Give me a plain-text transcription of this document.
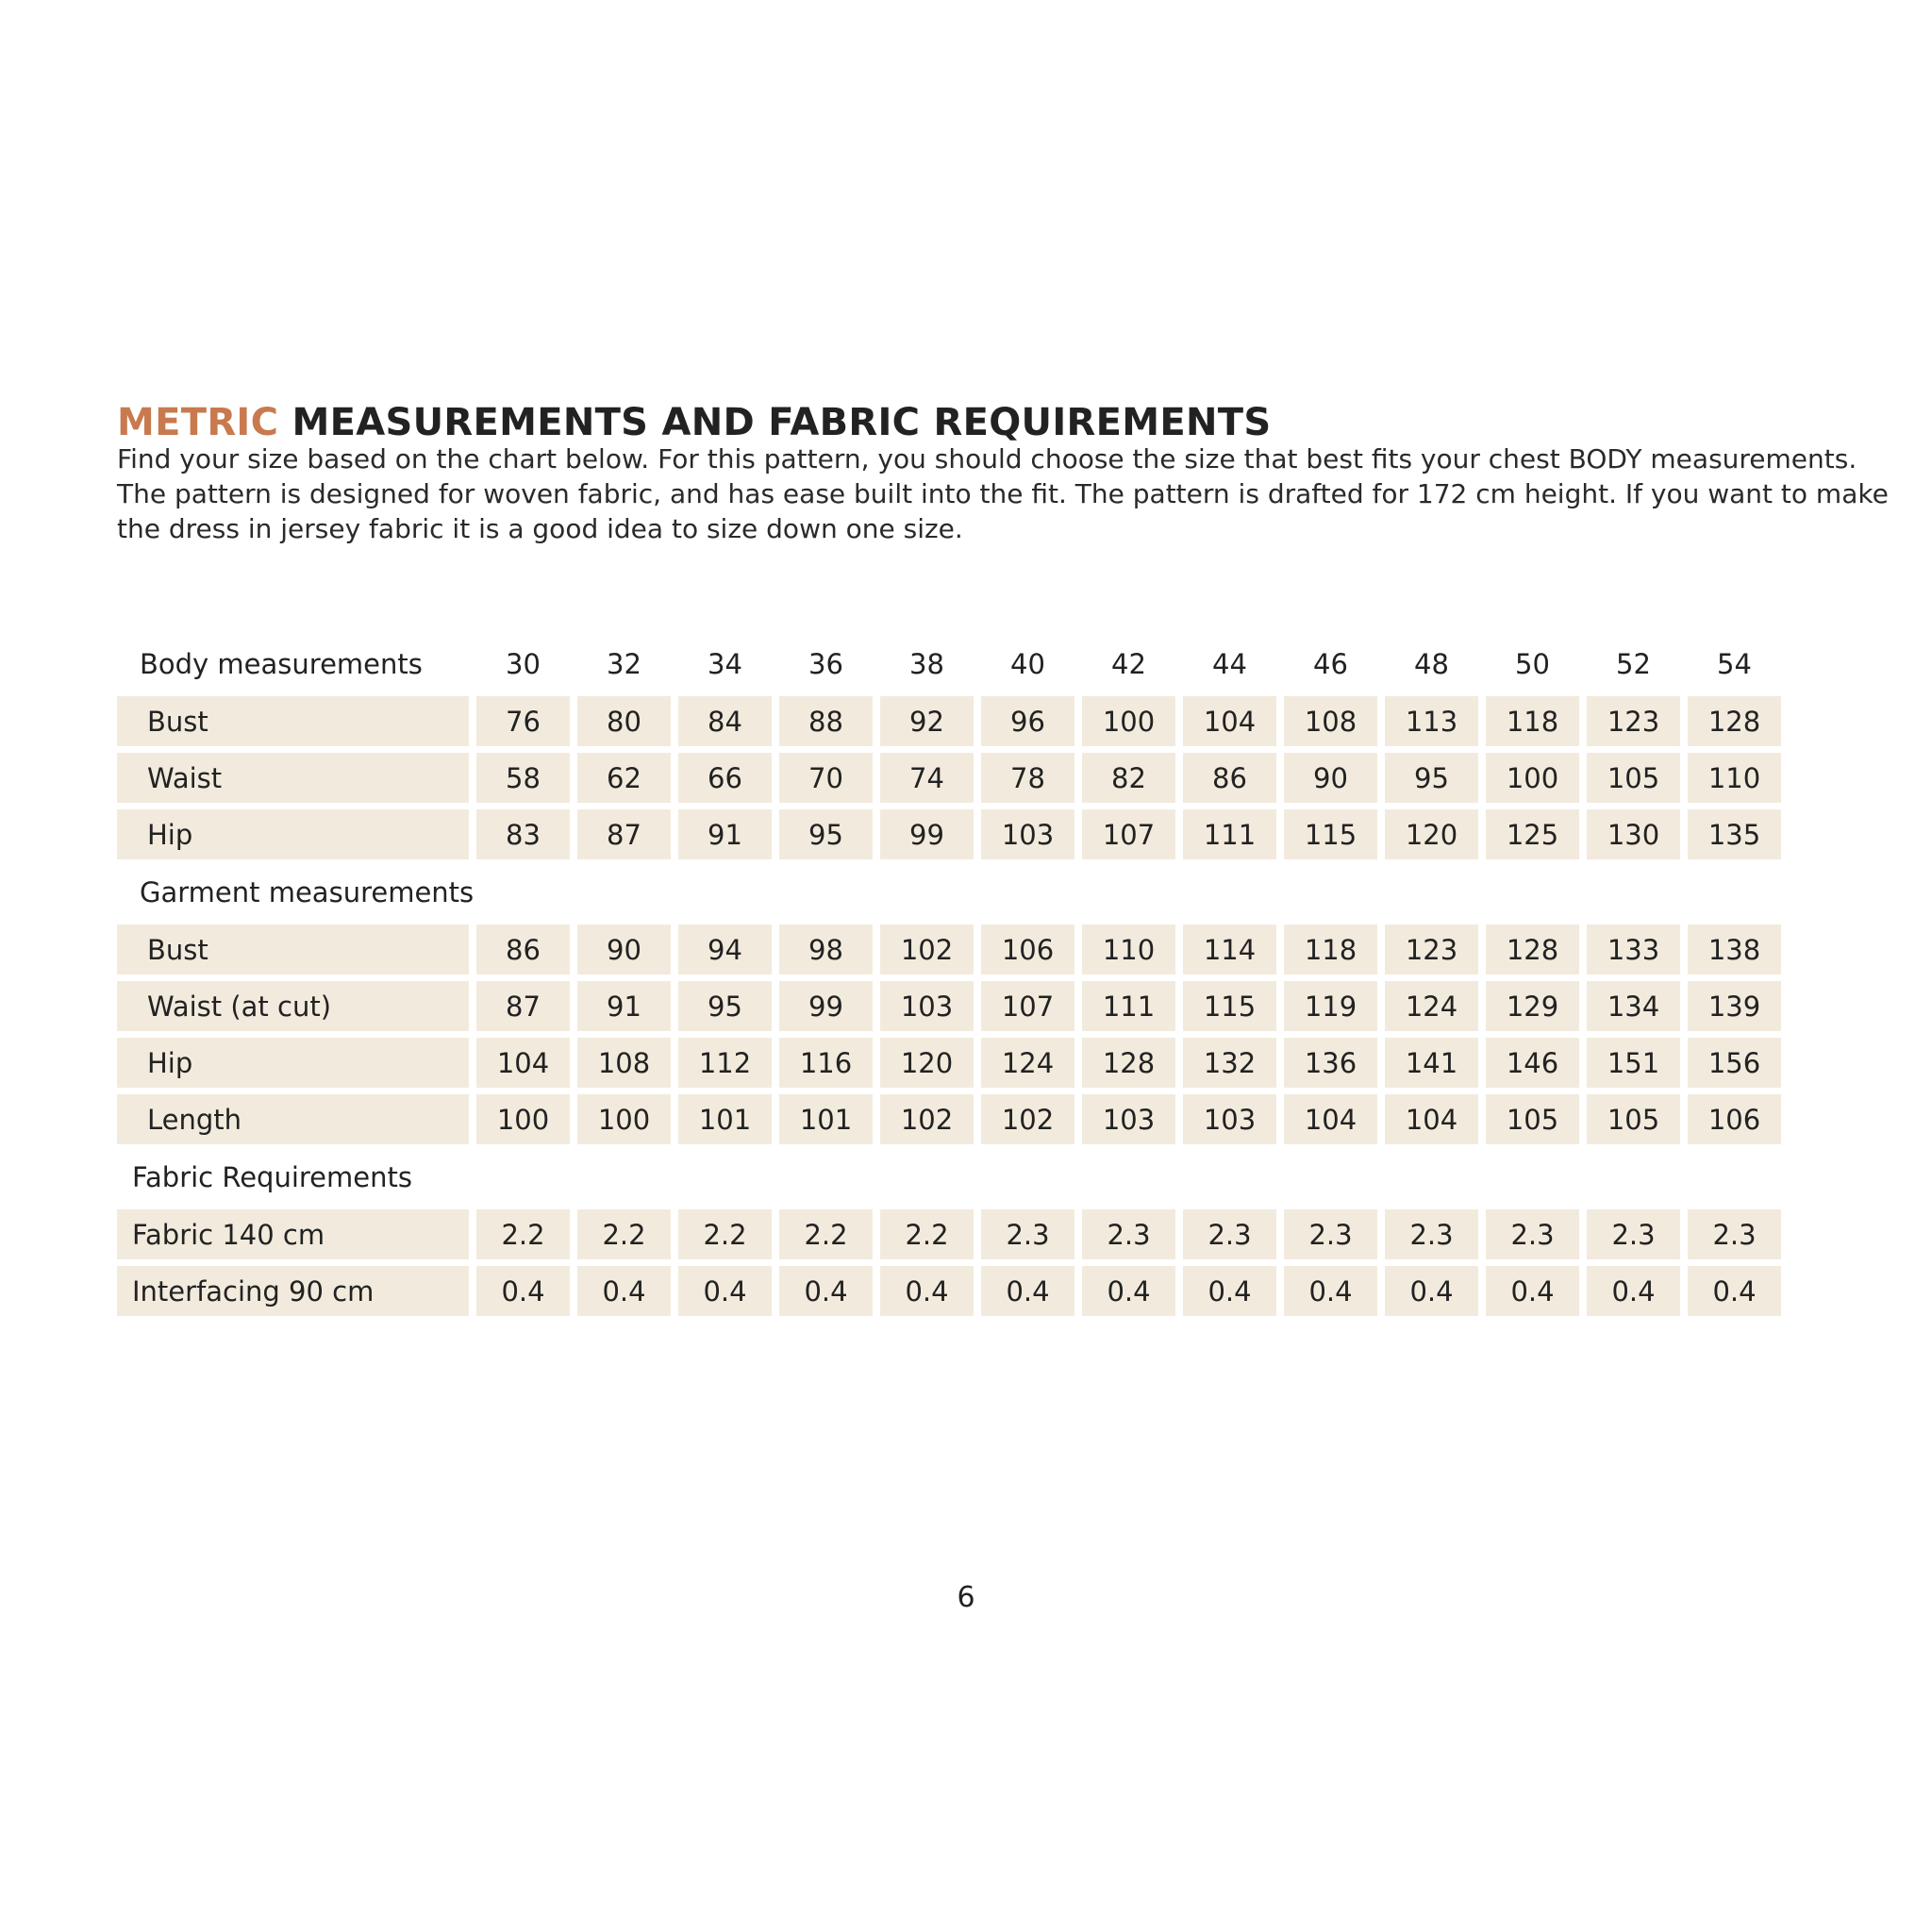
METRIC MEASUREMENTS AND FABRIC REQUIREMENTS
Find your size based on the chart below. For this pattern, you should choose the size that best fits your chest BODY measurements.
The pattern is designed for woven fabric, and has ease built into the fit. The pattern is drafted for 172 cm height. If you want to make
the dress in jersey fabric it is a good idea to size down one size.
Body measurements	30	32	34	36	38	40	42	44	46	48	50	52	54
Bust	76	80	84	88	92	96	100	104	108	113	118	123	128
Waist	58	62	66	70	74	78	82	86	90	95	100	105	110
Hip	83	87	91	95	99	103	107	111	115	120	125	130	135
Garment measurements
Bust	86	90	94	98	102	106	110	114	118	123	128	133	138
Waist (at cut)	87	91	95	99	103	107	111	115	119	124	129	134	139
Hip	104	108	112	116	120	124	128	132	136	141	146	151	156
Length	100	100	101	101	102	102	103	103	104	104	105	105	106
Fabric Requirements
Fabric 140 cm	2.2	2.2	2.2	2.2	2.2	2.3	2.3	2.3	2.3	2.3	2.3	2.3	2.3
Interfacing 90 cm	0.4	0.4	0.4	0.4	0.4	0.4	0.4	0.4	0.4	0.4	0.4	0.4	0.4
6
